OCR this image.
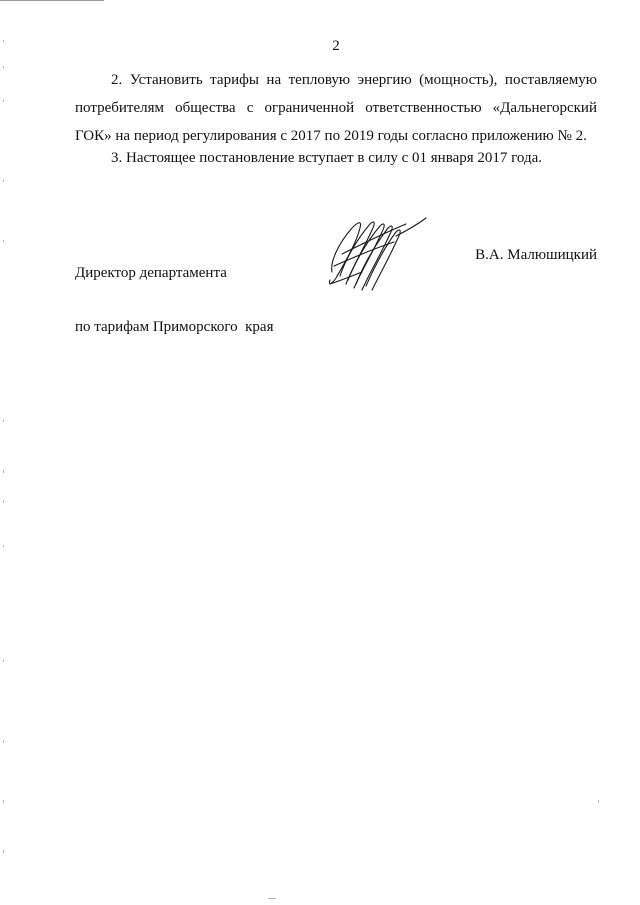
2

2. Установить тарифы на тепловую энергию (мощность), поставляемую потребителям общества с ограниченной ответственностью «Дальнегорский ГОК» на период регулирования с 2017 по 2019 годы согласно приложению № 2.

3. Настоящее постановление вступает в силу с 01 января 2017 года.

Директор департамента

по тарифам Приморского  края

В.А. Малюшицкий
